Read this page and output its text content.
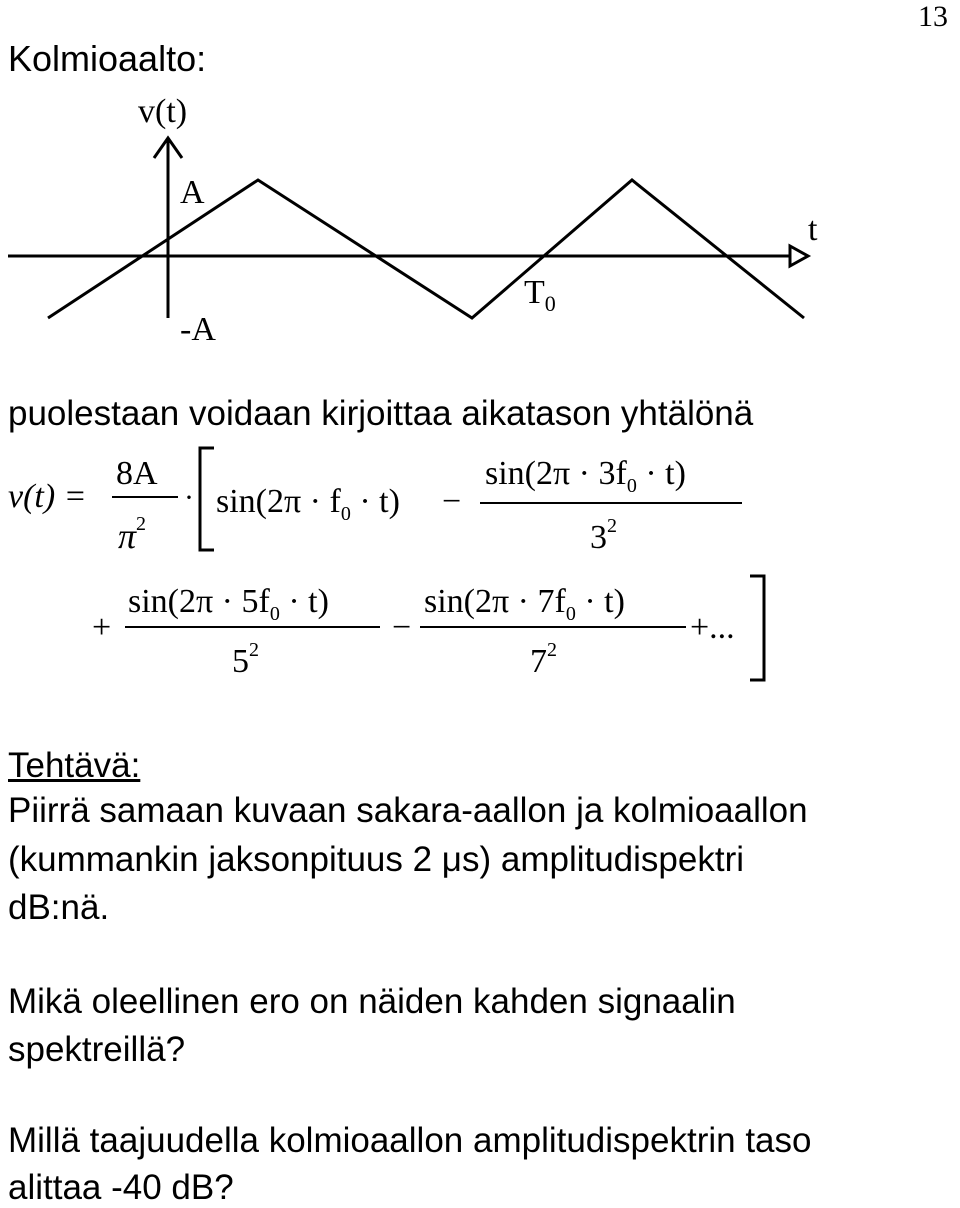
13
Kolmioaalto:
v(t)
A
-A
t
$T_0$
puolestaan voidaan kirjoittaa aikatason yhtälönä
v(t) =
8A
$\pi^2$
· $\sin(2\pi \cdot f_0 \cdot t)$ −
$\sin(2\pi \cdot 3f_0 \cdot t)$
$3^2$
+
$\sin(2\pi \cdot 5f_0 \cdot t)$
$5^2$
−
$\sin(2\pi \cdot 7f_0 \cdot t)$
$7^2$
+...
Tehtävä:
Piirrä samaan kuvaan sakara-aallon ja kolmioaallon
(kummankin jaksonpituus 2 μs) amplitudispektri
dB:nä.
Mikä oleellinen ero on näiden kahden signaalin
spektreillä?
Millä taajuudella kolmioaallon amplitudispektrin taso
alittaa -40 dB?
